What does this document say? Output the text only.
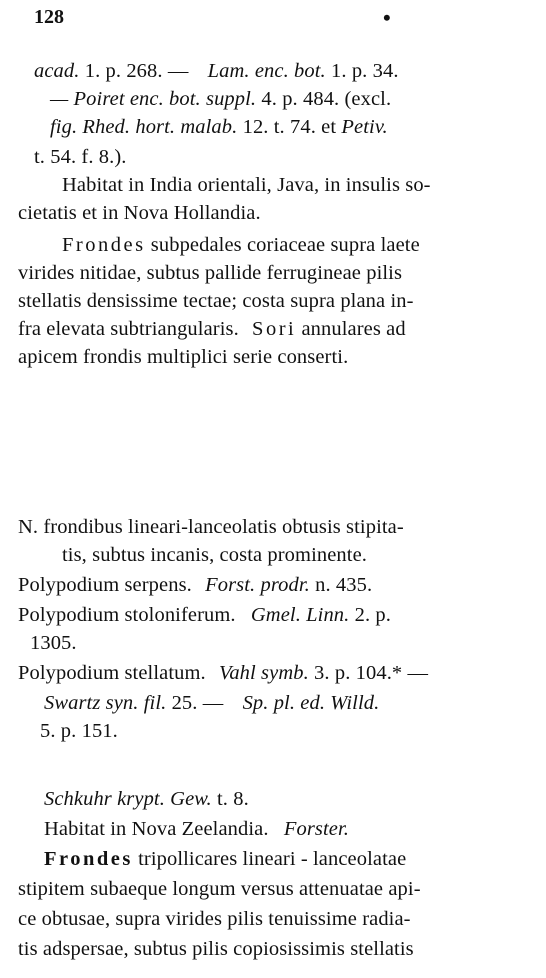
128	•
acad. 1. p. 268. — Lam. enc. bot. 1. p. 34.
— Poiret enc. bot. suppl. 4. p. 484. (excl.
fig. Rhed. hort. malab. 12. t. 74. et Petiv.
t. 54. f. 8.).
Habitat in India orientali, Java, in insulis so-
cietatis et in Nova Hollandia.
Frondes subpedales coriaceae supra laete
virides nitidae, subtus pallide ferrugineae pilis
stellatis densissime tectae; costa supra plana in-
fra elevata subtriangularis. Sori annulares ad
apicem frondis multiplici serie conserti.
N. frondibus lineari-lanceolatis obtusis stipita-
tis, subtus incanis, costa prominente.
Polypodium serpens. Forst. prodr. n. 435.
Polypodium stoloniferum. Gmel. Linn. 2. p.
1305.
Polypodium stellatum. Vahl symb. 3. p. 104.* —
Swartz syn. fil. 25. — Sp. pl. ed. Willd.
5. p. 151.
Schkuhr krypt. Gew. t. 8.
Habitat in Nova Zeelandia. Forster.
Frondes tripollicares lineari - lanceolatae
stipitem subaeque longum versus attenuatae api-
ce obtusae, supra virides pilis tenuissime radia-
tis adspersae, subtus pilis copiosissimis stellatis
